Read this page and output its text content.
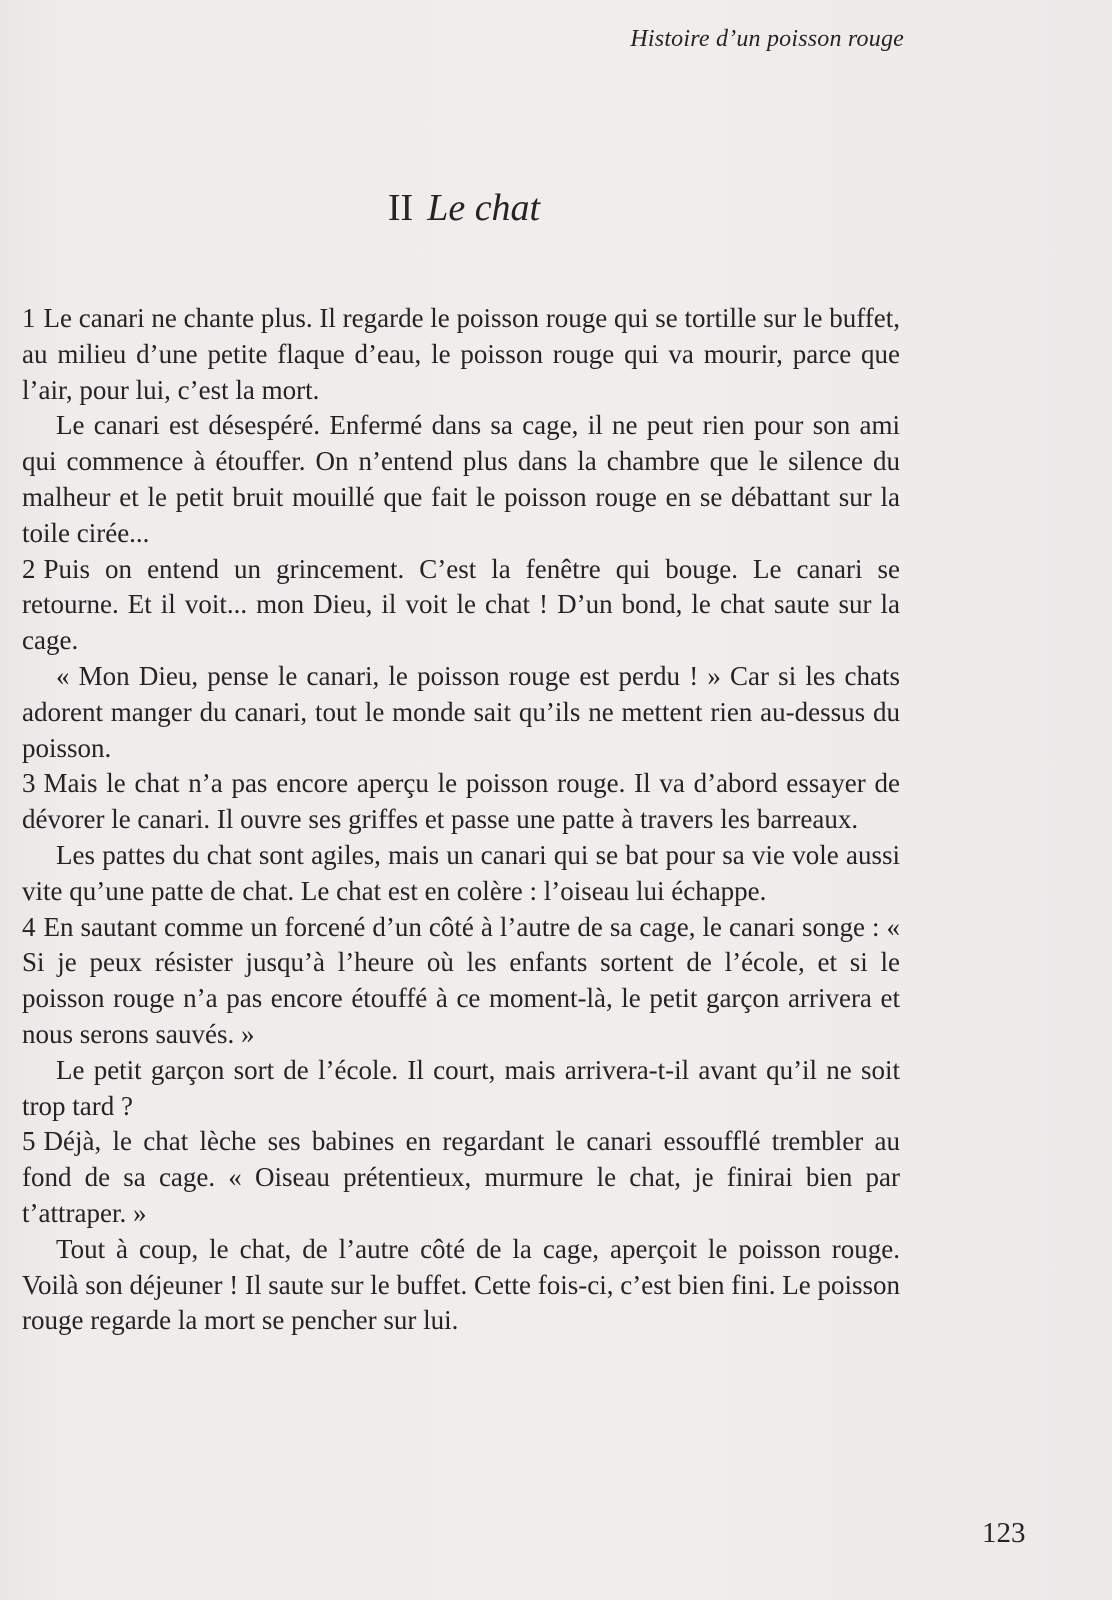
Histoire d’un poisson rouge
II Le chat

1 Le canari ne chante plus. Il regarde le poisson rouge qui se tortille sur le buffet, au milieu d’une petite flaque d’eau, le poisson rouge qui va mourir, parce que l’air, pour lui, c’est la mort.

Le canari est désespéré. Enfermé dans sa cage, il ne peut rien pour son ami qui commence à étouffer. On n’entend plus dans la chambre que le silence du malheur et le petit bruit mouillé que fait le poisson rouge en se débattant sur la toile cirée...

2 Puis on entend un grincement. C’est la fenêtre qui bouge. Le canari se retourne. Et il voit... mon Dieu, il voit le chat ! D’un bond, le chat saute sur la cage.

« Mon Dieu, pense le canari, le poisson rouge est perdu ! » Car si les chats adorent manger du canari, tout le monde sait qu’ils ne mettent rien au-dessus du poisson.

3 Mais le chat n’a pas encore aperçu le poisson rouge. Il va d’abord essayer de dévorer le canari. Il ouvre ses griffes et passe une patte à travers les barreaux.

Les pattes du chat sont agiles, mais un canari qui se bat pour sa vie vole aussi vite qu’une patte de chat. Le chat est en colère : l’oiseau lui échappe.

4 En sautant comme un forcené d’un côté à l’autre de sa cage, le canari songe : « Si je peux résister jusqu’à l’heure où les enfants sortent de l’école, et si le poisson rouge n’a pas encore étouffé à ce moment-là, le petit garçon arrivera et nous serons sauvés. »

Le petit garçon sort de l’école. Il court, mais arrivera-t-il avant qu’il ne soit trop tard ?

5 Déjà, le chat lèche ses babines en regardant le canari essoufflé trembler au fond de sa cage. « Oiseau prétentieux, murmure le chat, je finirai bien par t’attraper. »

Tout à coup, le chat, de l’autre côté de la cage, aperçoit le poisson rouge. Voilà son déjeuner ! Il saute sur le buffet. Cette fois-ci, c’est bien fini. Le poisson rouge regarde la mort se pencher sur lui.

123
